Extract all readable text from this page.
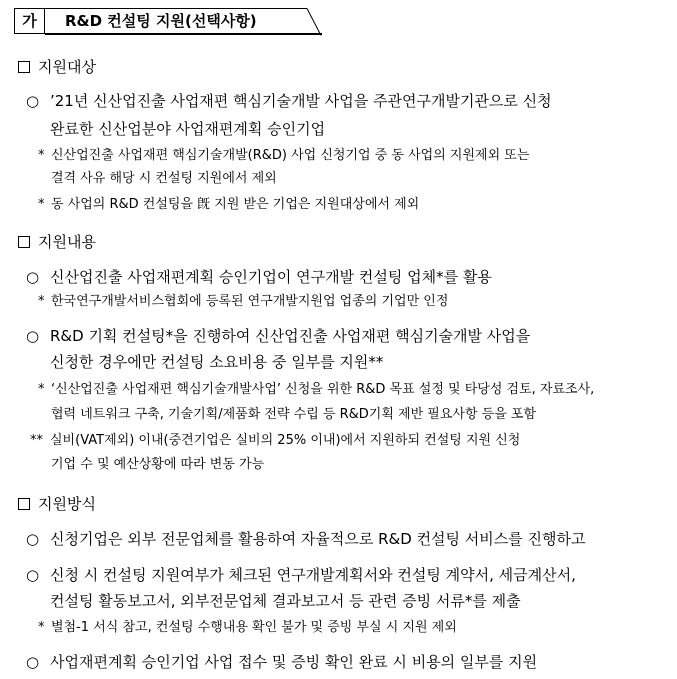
가	R&D 컨설팅 지원(선택사항)
지원대상
○ ’21년 신산업진출 사업재편 핵심기술개발 사업을 주관연구개발기관으로 신청
완료한 신산업분야 사업재편계획 승인기업
* 신산업진출 사업재편 핵심기술개발(R&D) 사업 신청기업 중 동 사업의 지원제외 또는
결격 사유 해당 시 컨설팅 지원에서 제외
* 동 사업의 R&D 컨설팅을 旣 지원 받은 기업은 지원대상에서 제외
지원내용
○ 신산업진출 사업재편계획 승인기업이 연구개발 컨설팅 업체*를 활용
* 한국연구개발서비스협회에 등록된 연구개발지원업 업종의 기업만 인정
○ R&D 기획 컨설팅*을 진행하여 신산업진출 사업재편 핵심기술개발 사업을
신청한 경우에만 컨설팅 소요비용 중 일부를 지원**
* ‘신산업진출 사업재편 핵심기술개발사업’ 신청을 위한 R&D 목표 설정 및 타당성 검토, 자료조사,
협력 네트워크 구축, 기술기획/제품화 전략 수립 등 R&D기획 제반 필요사항 등을 포함
** 실비(VAT제외) 이내(중견기업은 실비의 25% 이내)에서 지원하되 컨설팅 지원 신청
기업 수 및 예산상황에 따라 변동 가능
지원방식
○ 신청기업은 외부 전문업체를 활용하여 자율적으로 R&D 컨설팅 서비스를 진행하고
○ 신청 시 컨설팅 지원여부가 체크된 연구개발계획서와 컨설팅 계약서, 세금계산서,
컨설팅 활동보고서, 외부전문업체 결과보고서 등 관련 증빙 서류*를 제출
* 별첨-1 서식 참고, 컨설팅 수행내용 확인 불가 및 증빙 부실 시 지원 제외
○ 사업재편계획 승인기업 사업 접수 및 증빙 확인 완료 시 비용의 일부를 지원
